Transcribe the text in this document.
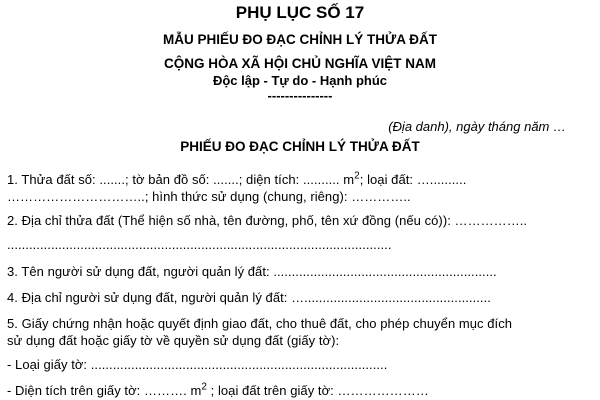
PHỤ LỤC SỐ 17
MẪU PHIẾU ĐO ĐẠC CHỈNH LÝ THỬA ĐẤT
CỘNG HÒA XÃ HỘI CHỦ NGHĨA VIỆT NAM
Độc lập - Tự do - Hạnh phúc
---------------
(Địa danh), ngày tháng năm …
PHIẾU ĐO ĐẠC CHỈNH LÝ THỬA ĐẤT
1. Thửa đất số: .......; tờ bản đồ số: .......; diện tích: .......... $m^2$; loại đất: …..........
…………………………..; hình thức sử dụng (chung, riêng): …………..
2. Địa chỉ thửa đất (Thể hiện số nhà, tên đường, phố, tên xứ đồng (nếu có)): ……………..
.........................................................................................................
3. Tên người sử dụng đất, người quản lý đất: .............................................................
4. Địa chỉ người sử dụng đất, người quản lý đất: …...................................................
5. Giấy chứng nhận hoặc quyết định giao đất, cho thuê đất, cho phép chuyển mục đích
sử dụng đất hoặc giấy tờ về quyền sử dụng đất (giấy tờ):
- Loại giấy tờ: .................................................................................
- Diện tích trên giấy tờ: ………. $m^2$ ; loại đất trên giấy tờ: …………………
